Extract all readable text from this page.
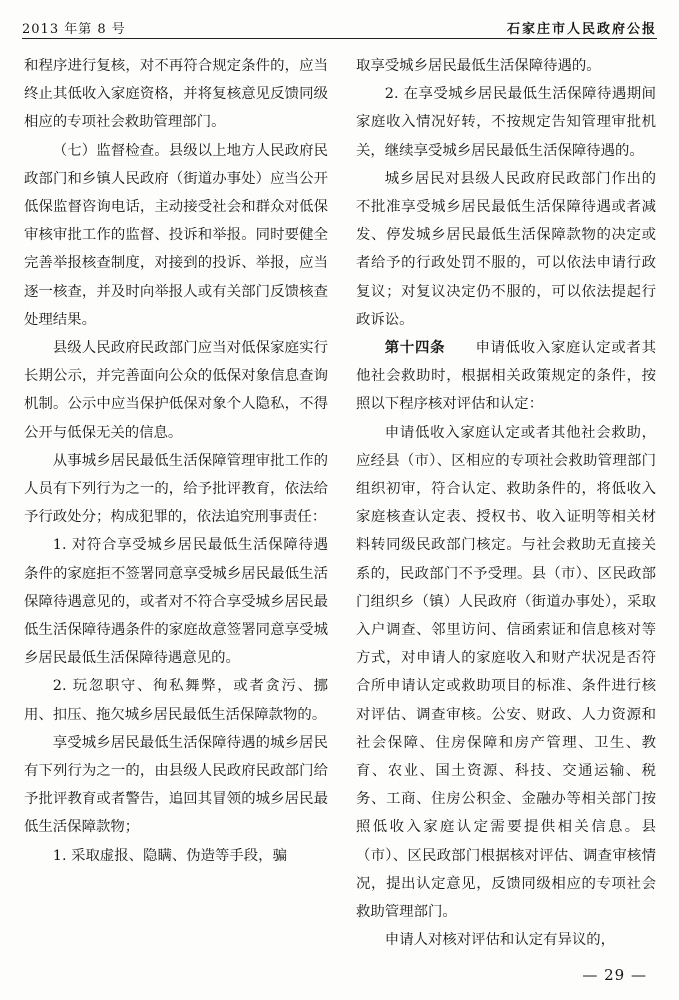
2013 年第 8 号	石家庄市人民政府公报

和程序进行复核，对不再符合规定条件的，应当终止其低收入家庭资格，并将复核意见反馈同级相应的专项社会救助管理部门。

（七）监督检查。县级以上地方人民政府民政部门和乡镇人民政府（街道办事处）应当公开低保监督咨询电话，主动接受社会和群众对低保审核审批工作的监督、投诉和举报。同时要健全完善举报核查制度，对接到的投诉、举报，应当逐一核查，并及时向举报人或有关部门反馈核查处理结果。

县级人民政府民政部门应当对低保家庭实行长期公示，并完善面向公众的低保对象信息查询机制。公示中应当保护低保对象个人隐私，不得公开与低保无关的信息。

从事城乡居民最低生活保障管理审批工作的人员有下列行为之一的，给予批评教育，依法给予行政处分；构成犯罪的，依法追究刑事责任：

1. 对符合享受城乡居民最低生活保障待遇条件的家庭拒不签署同意享受城乡居民最低生活保障待遇意见的，或者对不符合享受城乡居民最低生活保障待遇条件的家庭故意签署同意享受城乡居民最低生活保障待遇意见的。

2. 玩忽职守、徇私舞弊，或者贪污、挪用、扣压、拖欠城乡居民最低生活保障款物的。

享受城乡居民最低生活保障待遇的城乡居民有下列行为之一的，由县级人民政府民政部门给予批评教育或者警告，追回其冒领的城乡居民最低生活保障款物；

1. 采取虚报、隐瞒、伪造等手段，骗

取享受城乡居民最低生活保障待遇的。

2. 在享受城乡居民最低生活保障待遇期间家庭收入情况好转，不按规定告知管理审批机关，继续享受城乡居民最低生活保障待遇的。

城乡居民对县级人民政府民政部门作出的不批准享受城乡居民最低生活保障待遇或者减发、停发城乡居民最低生活保障款物的决定或者给予的行政处罚不服的，可以依法申请行政复议；对复议决定仍不服的，可以依法提起行政诉讼。

第十四条　　 申请低收入家庭认定或者其他社会救助时，根据相关政策规定的条件，按照以下程序核对评估和认定：

申请低收入家庭认定或者其他社会救助，应经县（市）、区相应的专项社会救助管理部门组织初审，符合认定、救助条件的，将低收入家庭核查认定表、授权书、收入证明等相关材料转同级民政部门核定。与社会救助无直接关系的，民政部门不予受理。县（市）、区民政部门组织乡（镇）人民政府（街道办事处），采取入户调查、邻里访问、信函索证和信息核对等方式，对申请人的家庭收入和财产状况是否符合所申请认定或救助项目的标准、条件进行核对评估、调查审核。公安、财政、人力资源和社会保障、住房保障和房产管理、卫生、教育、农业、国土资源、科技、交通运输、税务、工商、住房公积金、金融办等相关部门按照低收入家庭认定需要提供相关信息。县（市）、区民政部门根据核对评估、调查审核情况，提出认定意见，反馈同级相应的专项社会救助管理部门。

申请人对核对评估和认定有异议的，

— 29 —
